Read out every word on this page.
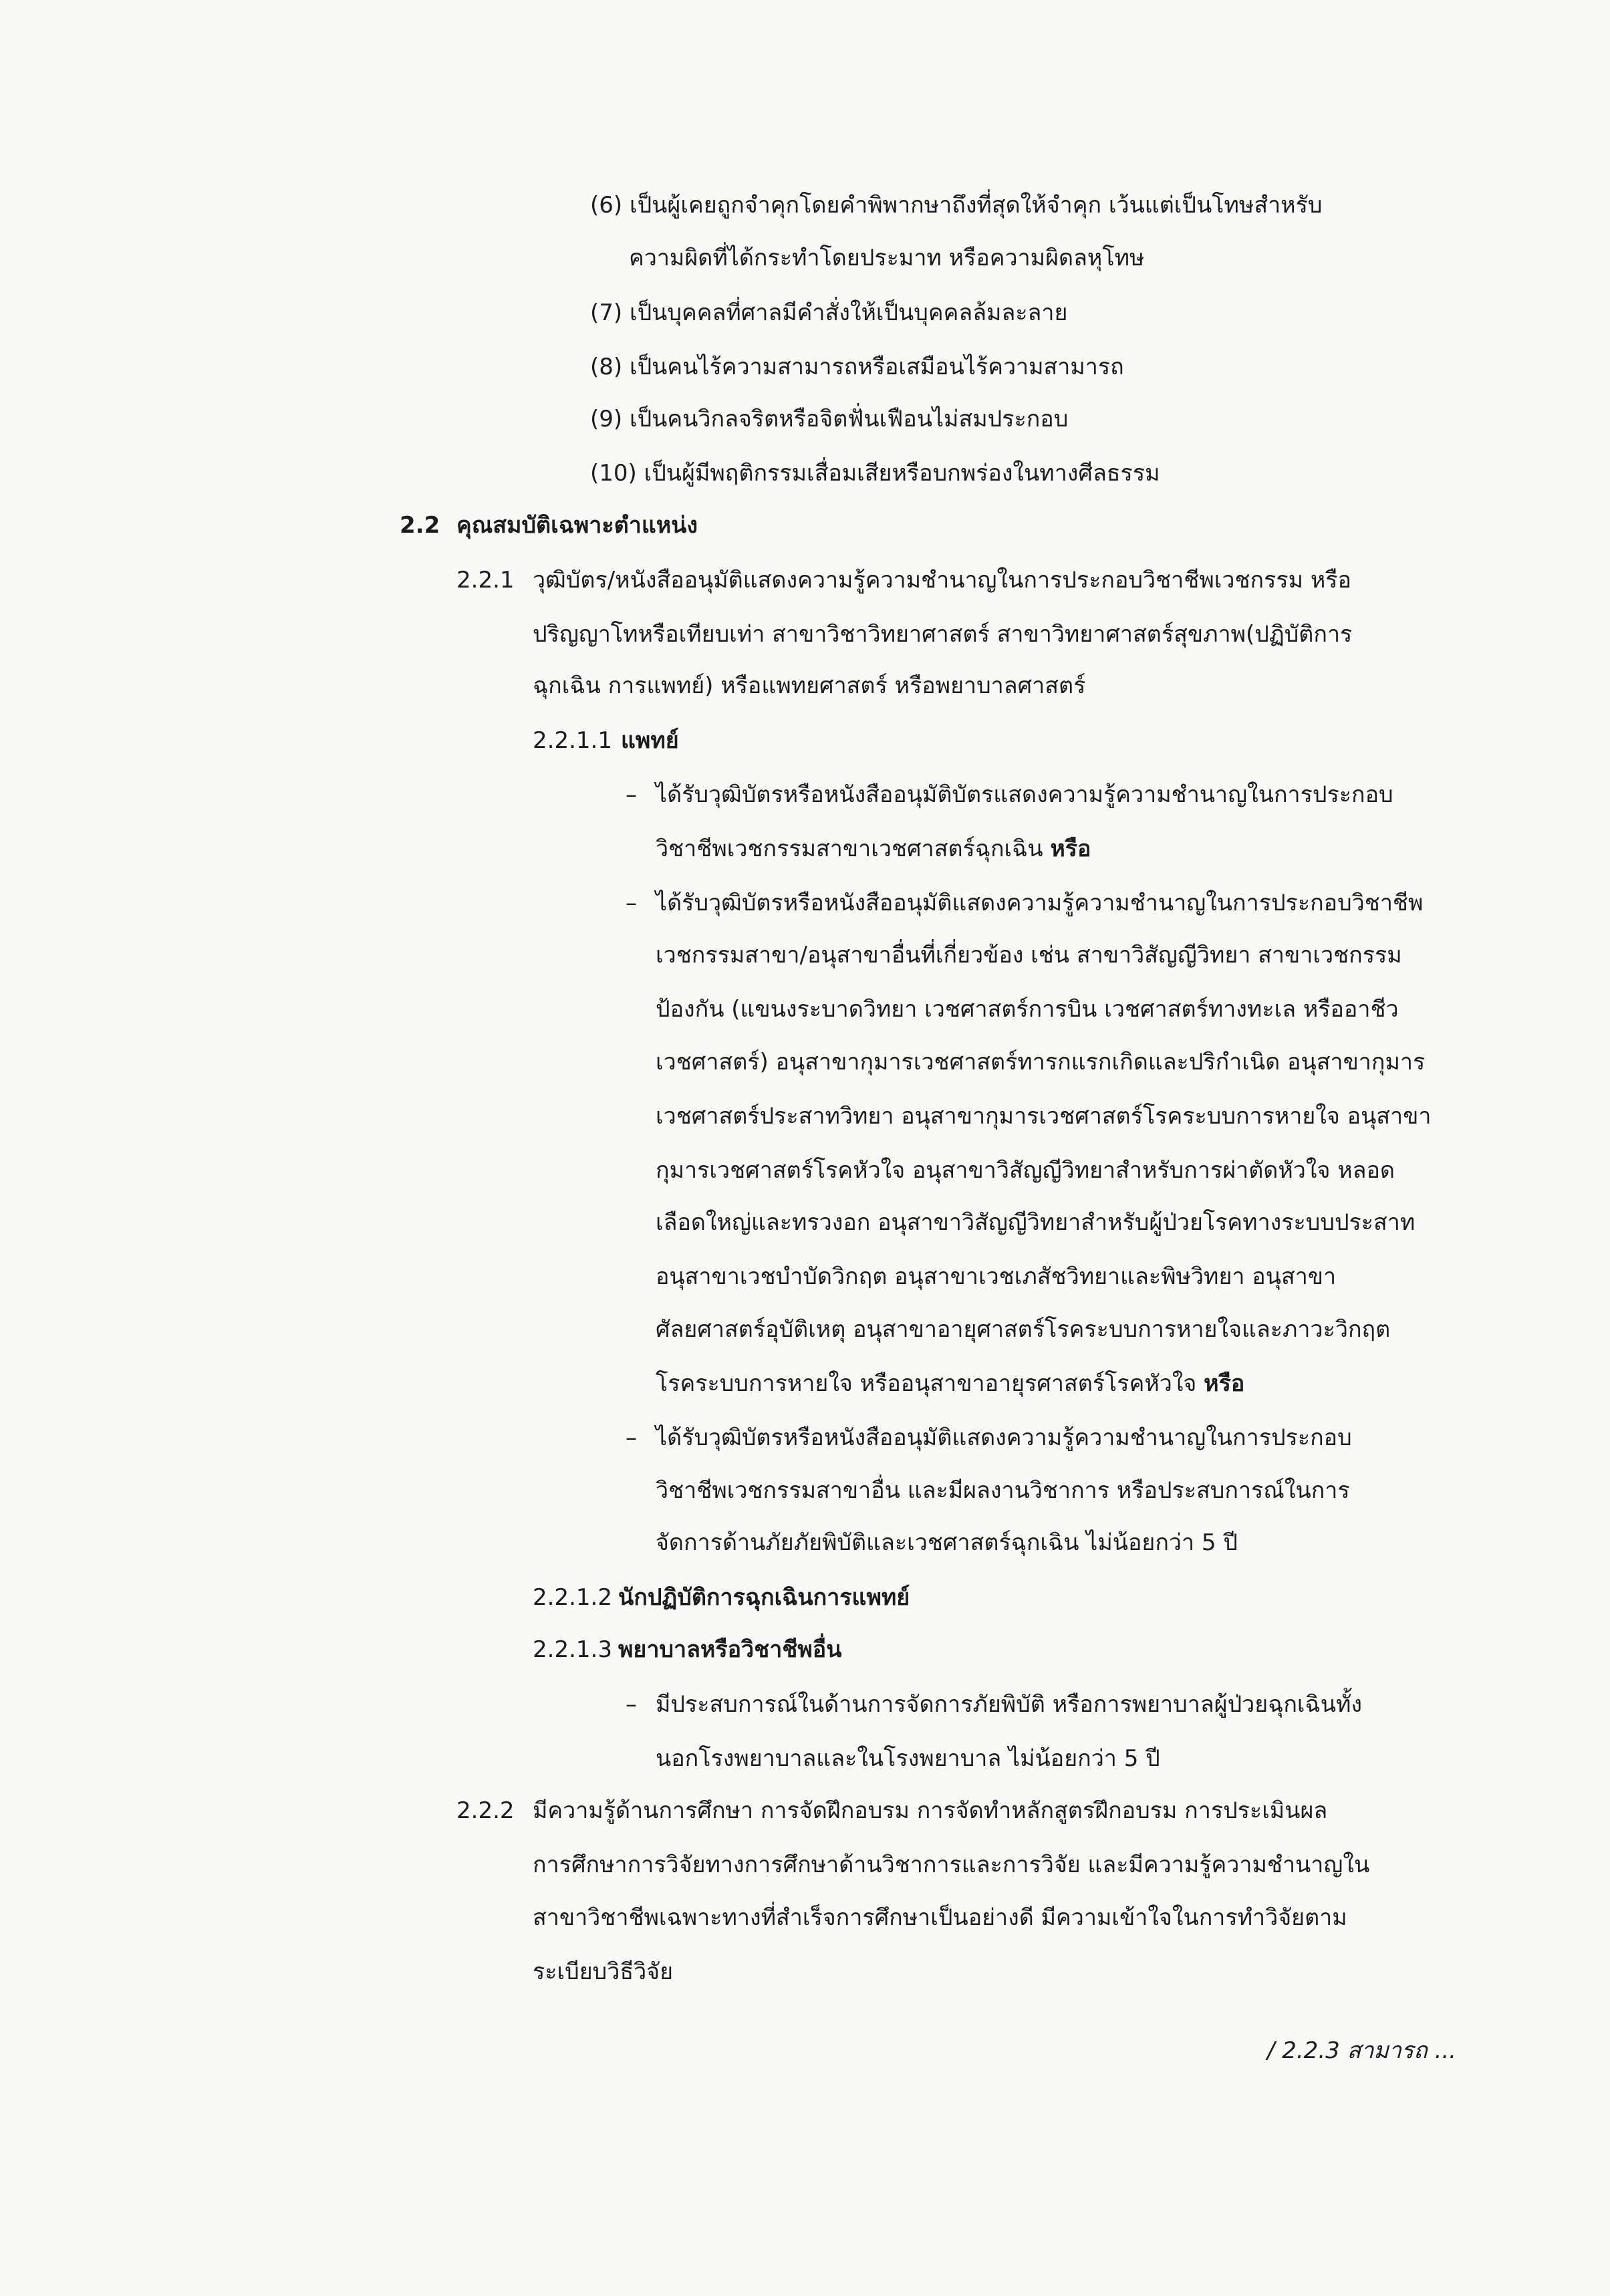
(6) เป็นผู้เคยถูกจำคุกโดยคำพิพากษาถึงที่สุดให้จำคุก เว้นแต่เป็นโทษสำหรับ
ความผิดที่ได้กระทำโดยประมาท หรือความผิดลหุโทษ
(7) เป็นบุคคลที่ศาลมีคำสั่งให้เป็นบุคคลล้มละลาย
(8) เป็นคนไร้ความสามารถหรือเสมือนไร้ความสามารถ
(9) เป็นคนวิกลจริตหรือจิตฟั่นเฟือนไม่สมประกอบ
(10) เป็นผู้มีพฤติกรรมเสื่อมเสียหรือบกพร่องในทางศีลธรรม
2.2 คุณสมบัติเฉพาะตำแหน่ง
2.2.1 วุฒิบัตร/หนังสืออนุมัติแสดงความรู้ความชำนาญในการประกอบวิชาชีพเวชกรรม หรือ
ปริญญาโทหรือเทียบเท่า สาขาวิชาวิทยาศาสตร์ สาขาวิทยาศาสตร์สุขภาพ(ปฏิบัติการ
ฉุกเฉิน การแพทย์) หรือแพทยศาสตร์ หรือพยาบาลศาสตร์
2.2.1.1 แพทย์
– ได้รับวุฒิบัตรหรือหนังสืออนุมัติบัตรแสดงความรู้ความชำนาญในการประกอบ
วิชาชีพเวชกรรมสาขาเวชศาสตร์ฉุกเฉิน หรือ
– ได้รับวุฒิบัตรหรือหนังสืออนุมัติแสดงความรู้ความชำนาญในการประกอบวิชาชีพ
เวชกรรมสาขา/อนุสาขาอื่นที่เกี่ยวข้อง เช่น สาขาวิสัญญีวิทยา สาขาเวชกรรม
ป้องกัน (แขนงระบาดวิทยา เวชศาสตร์การบิน เวชศาสตร์ทางทะเล หรืออาชีว
เวชศาสตร์) อนุสาขากุมารเวชศาสตร์ทารกแรกเกิดและปริกำเนิด อนุสาขากุมาร
เวชศาสตร์ประสาทวิทยา อนุสาขากุมารเวชศาสตร์โรคระบบการหายใจ อนุสาขา
กุมารเวชศาสตร์โรคหัวใจ อนุสาขาวิสัญญีวิทยาสำหรับการผ่าตัดหัวใจ หลอด
เลือดใหญ่และทรวงอก อนุสาขาวิสัญญีวิทยาสำหรับผู้ป่วยโรคทางระบบประสาท
อนุสาขาเวชบำบัดวิกฤต อนุสาขาเวชเภสัชวิทยาและพิษวิทยา อนุสาขา
ศัลยศาสตร์อุบัติเหตุ อนุสาขาอายุศาสตร์โรคระบบการหายใจและภาวะวิกฤต
โรคระบบการหายใจ หรืออนุสาขาอายุรศาสตร์โรคหัวใจ หรือ
– ได้รับวุฒิบัตรหรือหนังสืออนุมัติแสดงความรู้ความชำนาญในการประกอบ
วิชาชีพเวชกรรมสาขาอื่น และมีผลงานวิชาการ หรือประสบการณ์ในการ
จัดการด้านภัยภัยพิบัติและเวชศาสตร์ฉุกเฉิน ไม่น้อยกว่า 5 ปี
2.2.1.2 นักปฏิบัติการฉุกเฉินการแพทย์
2.2.1.3 พยาบาลหรือวิชาชีพอื่น
– มีประสบการณ์ในด้านการจัดการภัยพิบัติ หรือการพยาบาลผู้ป่วยฉุกเฉินทั้ง
นอกโรงพยาบาลและในโรงพยาบาล ไม่น้อยกว่า 5 ปี
2.2.2 มีความรู้ด้านการศึกษา การจัดฝึกอบรม การจัดทำหลักสูตรฝึกอบรม การประเมินผล
การศึกษาการวิจัยทางการศึกษาด้านวิชาการและการวิจัย และมีความรู้ความชำนาญใน
สาขาวิชาชีพเฉพาะทางที่สำเร็จการศึกษาเป็นอย่างดี มีความเข้าใจในการทำวิจัยตาม
ระเบียบวิธีวิจัย
/ 2.2.3 สามารถ ...
